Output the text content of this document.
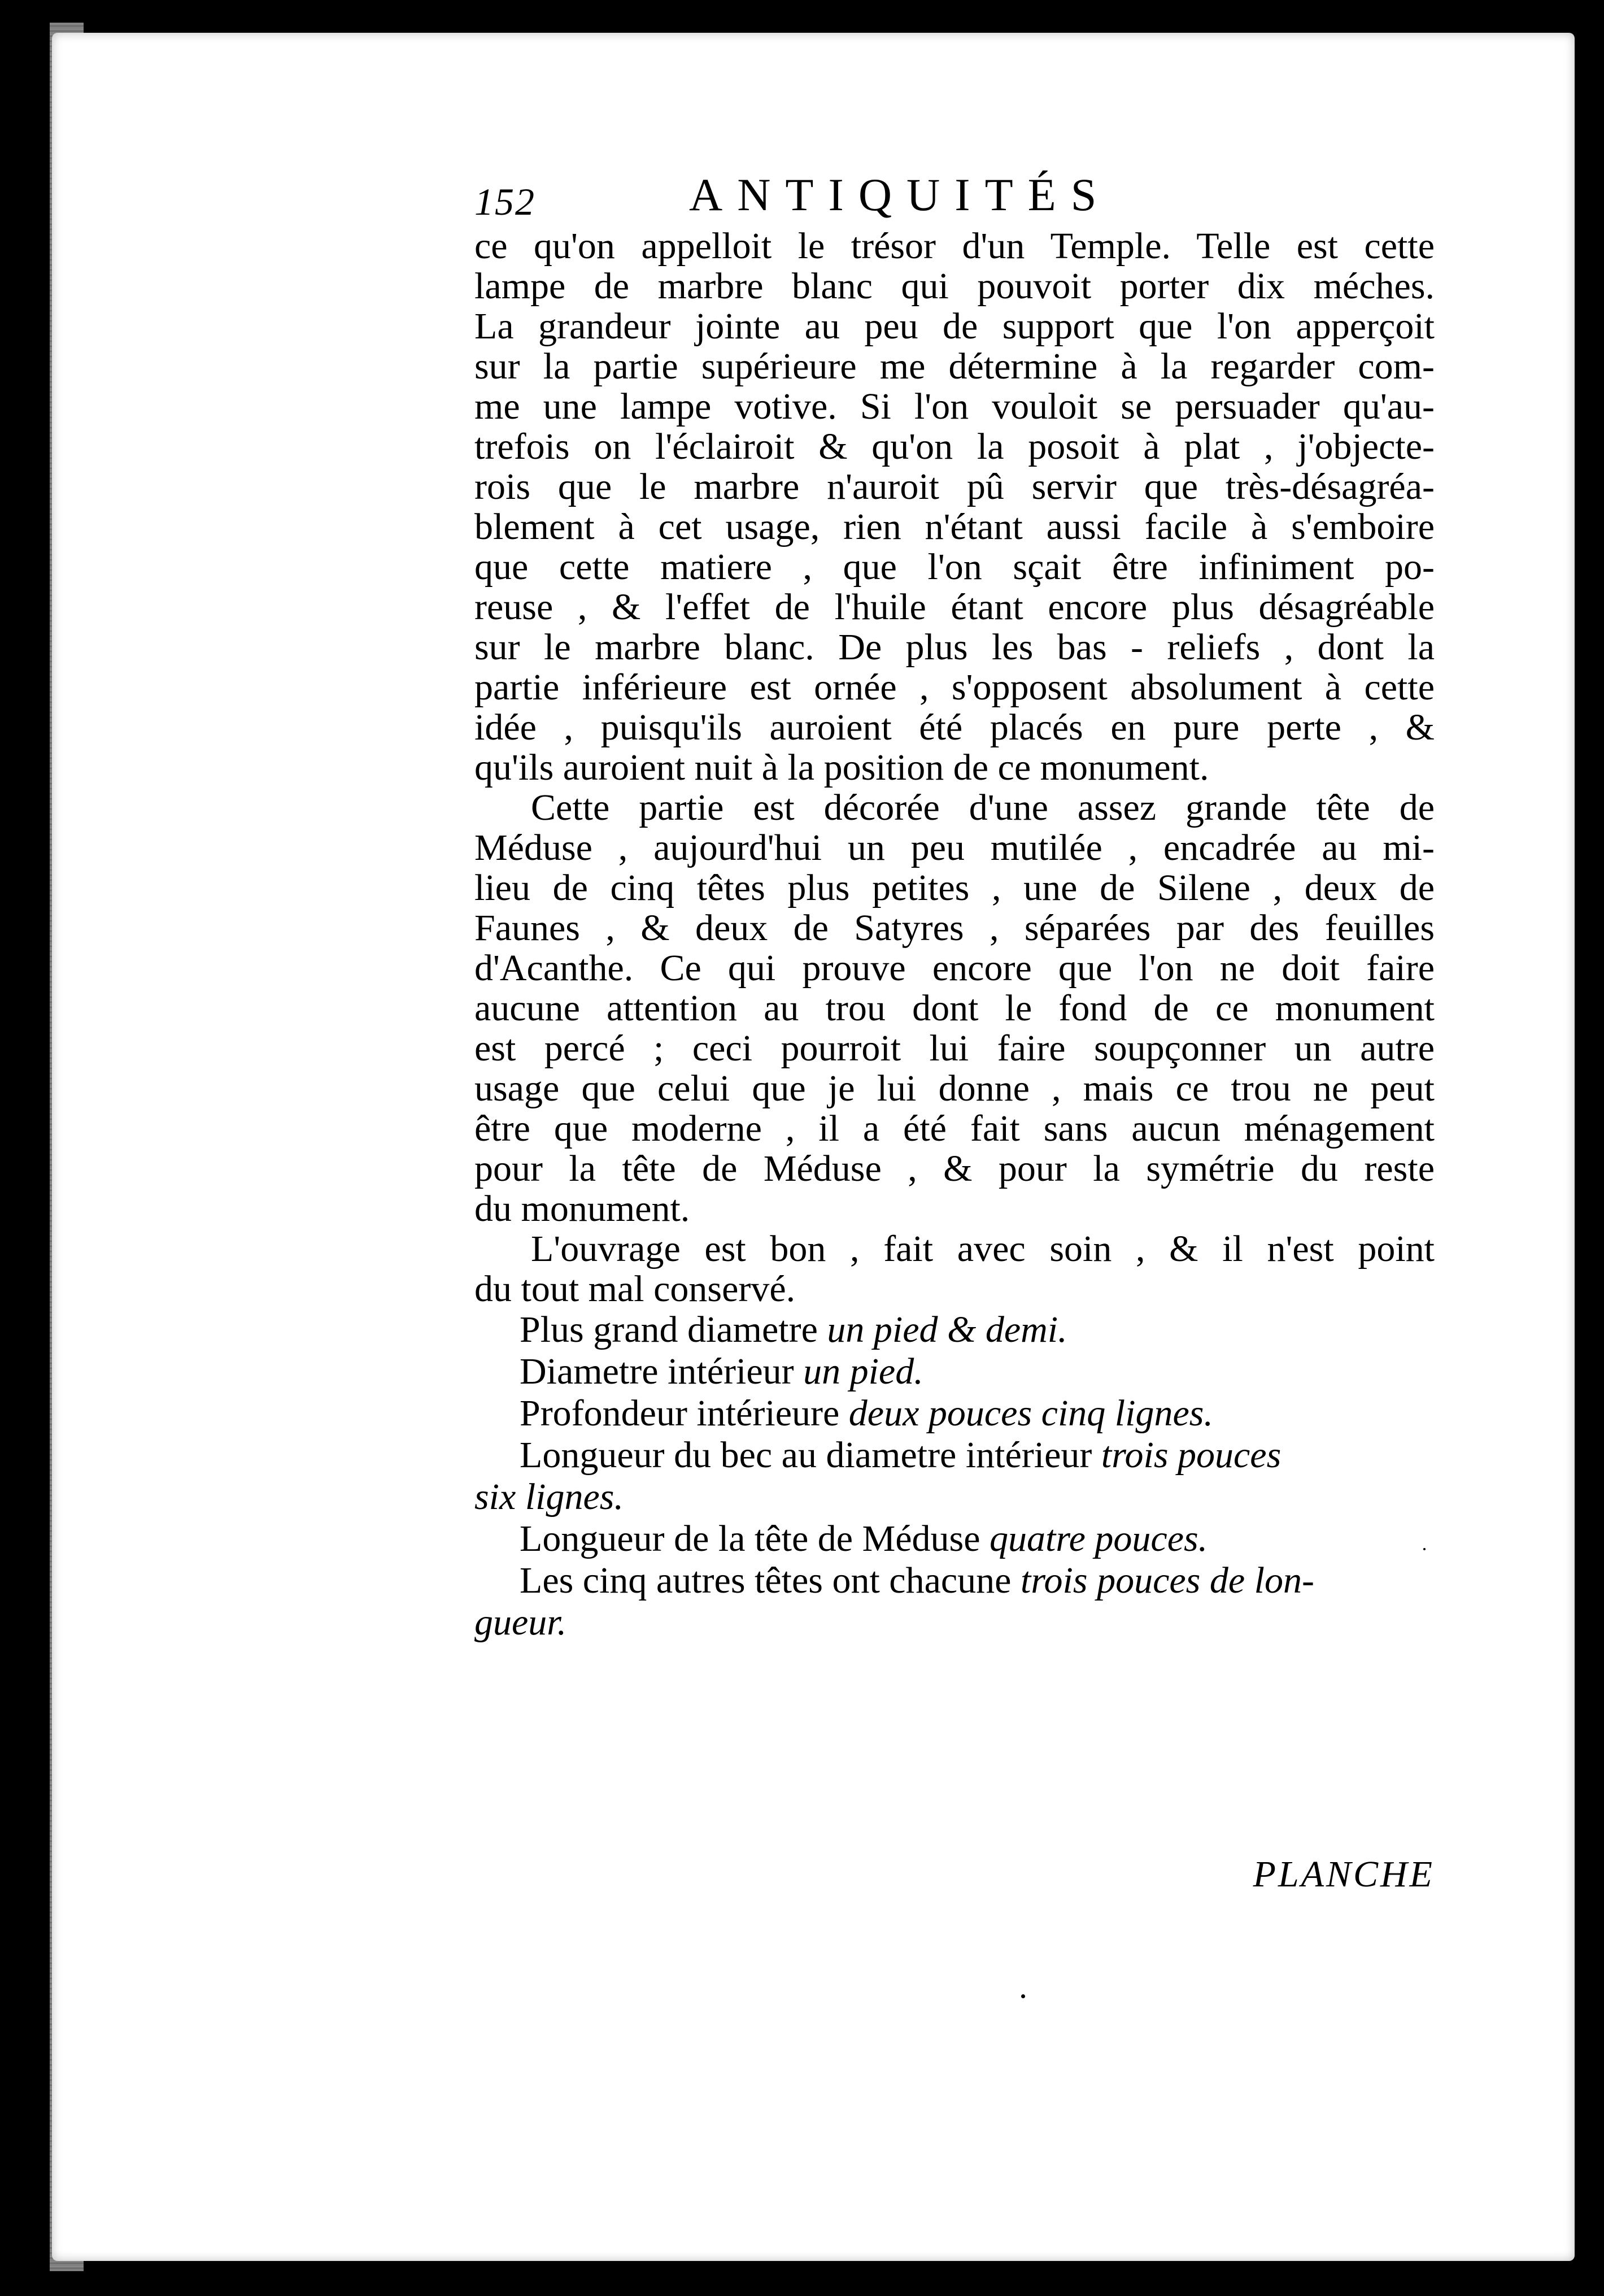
152	ANTIQUITÉS
ce qu'on appelloit le trésor d'un Temple. Telle est cette
lampe de marbre blanc qui pouvoit porter dix méches.
La grandeur jointe au peu de support que l'on apperçoit
sur la partie supérieure me détermine à la regarder com-
me une lampe votive. Si l'on vouloit se persuader qu'au-
trefois on l'éclairoit & qu'on la posoit à plat , j'objecte-
rois que le marbre n'auroit pû servir que très-désagréa-
blement à cet usage, rien n'étant aussi facile à s'emboire
que cette matiere , que l'on sçait être infiniment po-
reuse , & l'effet de l'huile étant encore plus désagréable
sur le marbre blanc. De plus les bas - reliefs , dont la
partie inférieure est ornée , s'opposent absolument à cette
idée , puisqu'ils auroient été placés en pure perte , &
qu'ils auroient nuit à la position de ce monument.
Cette partie est décorée d'une assez grande tête de
Méduse , aujourd'hui un peu mutilée , encadrée au mi-
lieu de cinq têtes plus petites , une de Silene , deux de
Faunes , & deux de Satyres , séparées par des feuilles
d'Acanthe. Ce qui prouve encore que l'on ne doit faire
aucune attention au trou dont le fond de ce monument
est percé ; ceci pourroit lui faire soupçonner un autre
usage que celui que je lui donne , mais ce trou ne peut
être que moderne , il a été fait sans aucun ménagement
pour la tête de Méduse , & pour la symétrie du reste
du monument.
L'ouvrage est bon , fait avec soin , & il n'est point
du tout mal conservé.
Plus grand diametre un pied & demi.
Diametre intérieur un pied.
Profondeur intérieure deux pouces cinq lignes.
Longueur du bec au diametre intérieur trois pouces
six lignes.
Longueur de la tête de Méduse quatre pouces.
Les cinq autres têtes ont chacune trois pouces de lon-
gueur.
PLANCHE
